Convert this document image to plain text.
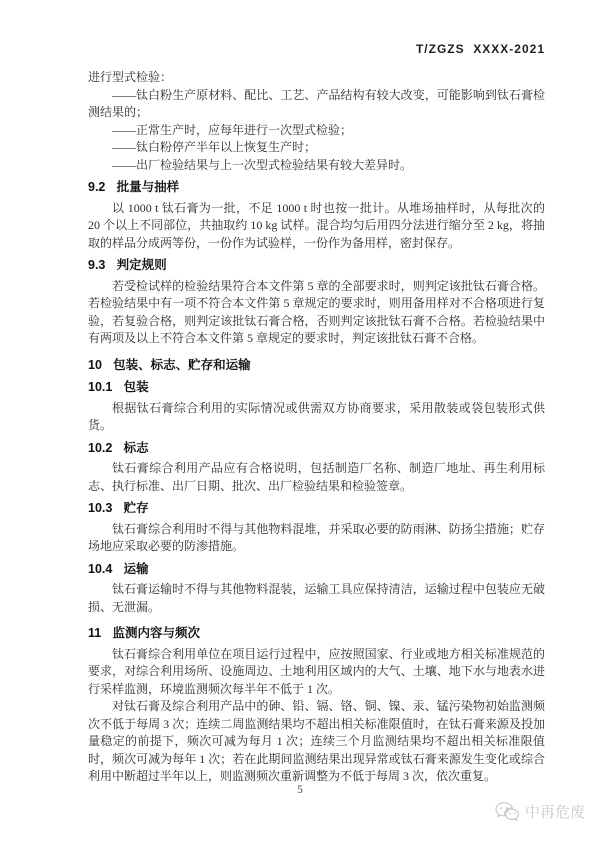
T/ZGZS  XXXX-2021

进行型式检验：

——钛白粉生产原材料、配比、工艺、产品结构有较大改变，可能影响到钛石膏检测结果的；

——正常生产时，应每年进行一次型式检验；

——钛白粉停产半年以上恢复生产时；

——出厂检验结果与上一次型式检验结果有较大差异时。

9.2 批量与抽样

以 1000 t 钛石膏为一批，不足 1000 t 时也按一批计。从堆场抽样时，从每批次的 20 个以上不同部位，共抽取约 10 kg 试样。混合均匀后用四分法进行缩分至 2 kg，将抽取的样品分成两等份，一份作为试验样，一份作为备用样，密封保存。

9.3 判定规则

若受检试样的检验结果符合本文件第 5 章的全部要求时，则判定该批钛石膏合格。若检验结果中有一项不符合本文件第 5 章规定的要求时，则用备用样对不合格项进行复验，若复验合格，则判定该批钛石膏合格，否则判定该批钛石膏不合格。若检验结果中有两项及以上不符合本文件第 5 章规定的要求时，判定该批钛石膏不合格。

10 包装、标志、贮存和运输
10.1 包装

根据钛石膏综合利用的实际情况或供需双方协商要求，采用散装或袋包装形式供货。

10.2 标志

钛石膏综合利用产品应有合格说明，包括制造厂名称、制造厂地址、再生利用标志、执行标准、出厂日期、批次、出厂检验结果和检验签章。

10.3 贮存

钛石膏综合利用时不得与其他物料混堆，并采取必要的防雨淋、防扬尘措施；贮存场地应采取必要的防渗措施。

10.4 运输

钛石膏运输时不得与其他物料混装，运输工具应保持清洁，运输过程中包装应无破损、无泄漏。

11 监测内容与频次

钛石膏综合利用单位在项目运行过程中，应按照国家、行业或地方相关标准规范的要求，对综合利用场所、设施周边、土地利用区域内的大气、土壤、地下水与地表水进行采样监测，环境监测频次每半年不低于 1 次。

对钛石膏及综合利用产品中的砷、铅、镉、铬、铜、镍、汞、锰污染物初始监测频次不低于每周 3 次；连续二周监测结果均不超出相关标准限值时，在钛石膏来源及投加量稳定的前提下，频次可减为每月 1 次；连续三个月监测结果均不超出相关标准限值时，频次可减为每年 1 次；若在此期间监测结果出现异常或钛石膏来源发生变化或综合利用中断超过半年以上，则监测频次重新调整为不低于每周 3 次，依次重复。

5
中再危废
